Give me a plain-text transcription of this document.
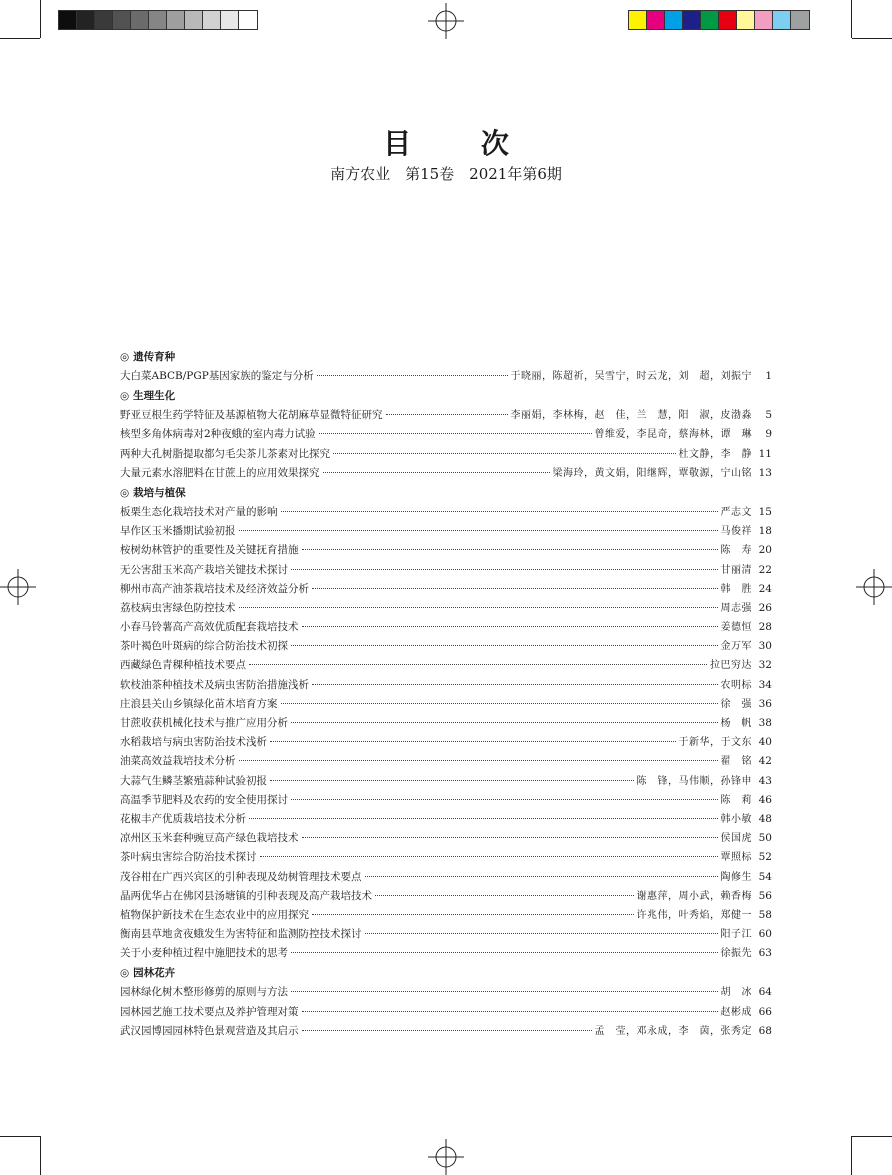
目 次
南方农业　第15卷　2021年第6期
◎ 遗传育种
大白菜ABCB/PGP基因家族的鉴定与分析	于晓丽，陈超祈，吴雪宁，时云龙，刘　超，刘振宁	1
◎ 生理生化
野亚豆根生药学特征及基源植物大花胡麻草显微特征研究	李丽娟，李林梅，赵　佳，兰　慧，阳　淑，皮渤淼	5
核型多角体病毒对2种夜蛾的室内毒力试验	曾维爱，李昆奇，蔡海林，谭　琳	9
两种大孔树脂提取都匀毛尖茶儿茶素对比探究	杜文静，李　静 11
大量元素水溶肥料在甘蔗上的应用效果探究	梁海玲，黄文娟，阳继辉，覃敬源，宁山铭 13
◎ 栽培与植保
板栗生态化栽培技术对产量的影响	严志文 15
早作区玉米播期试验初报	马俊祥 18
桉树幼林管护的重要性及关键抚育措施	陈　寿 20
无公害甜玉米高产栽培关键技术探讨	甘丽清 22
柳州市高产油茶栽培技术及经济效益分析	韩　胜 24
荔枝病虫害绿色防控技术	周志强 26
小春马铃薯高产高效优质配套栽培技术	姜德恒 28
茶叶褐色叶斑病的综合防治技术初探	金万军 30
西藏绿色青稞种植技术要点	拉巴穷达 32
软枝油茶种植技术及病虫害防治措施浅析	农明标 34
庄浪县关山乡镇绿化苗木培育方案	徐　强 36
甘蔗收获机械化技术与推广应用分析	杨　帆 38
水稻栽培与病虫害防治技术浅析	于新华，于文东 40
油菜高效益栽培技术分析	翟　铭 42
大蒜气生鳞茎繁殖蒜种试验初报	陈　锋，马伟顺，孙锋申 43
高温季节肥料及农药的安全使用探讨	陈　莉 46
花椒丰产优质栽培技术分析	韩小敏 48
凉州区玉米套种豌豆高产绿色栽培技术	侯国虎 50
茶叶病虫害综合防治技术探讨	覃照标 52
茂谷柑在广西兴宾区的引种表现及幼树管理技术要点	陶修生 54
晶两优华占在佛冈县汤塘镇的引种表现及高产栽培技术	谢惠萍，周小武，赖香梅 56
植物保护新技术在生态农业中的应用探究	许兆伟，叶秀焰，郑健一 58
衡南县草地贪夜蛾发生为害特征和监测防控技术探讨	阳子江 60
关于小麦种植过程中施肥技术的思考	徐振先 63
◎ 园林花卉
园林绿化树木整形修剪的原则与方法	胡　冰 64
园林园艺施工技术要点及养护管理对策	赵彬成 66
武汉园博园园林特色景观营造及其启示	孟　莹，邓永成，李　茵，张秀定 68
